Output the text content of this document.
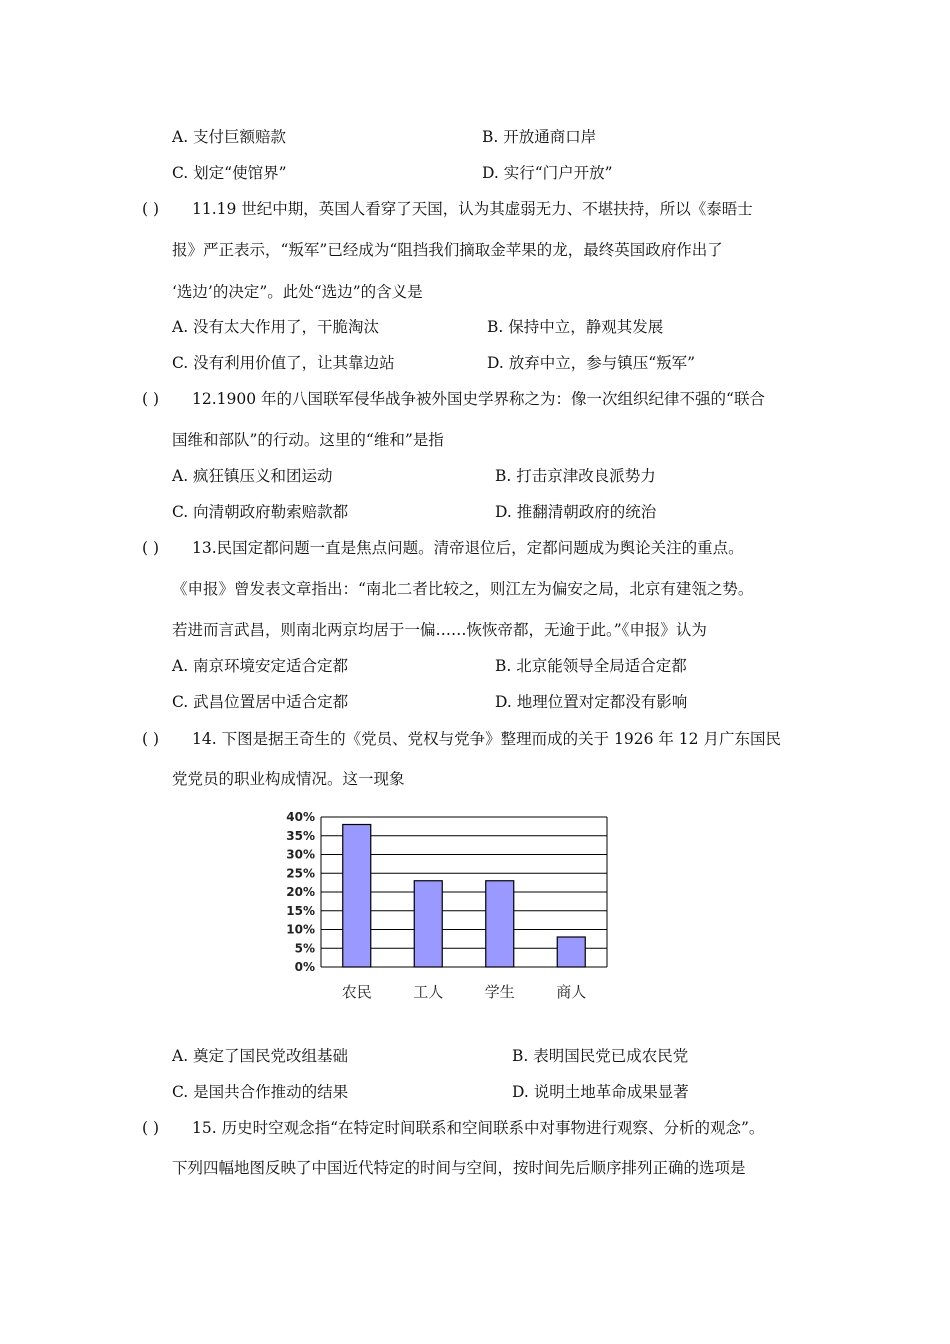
A. 支付巨额赔款	B. 开放通商口岸
C. 划定“使馆界”	D. 实行“门户开放”
( ) 11.19 世纪中期，英国人看穿了天国，认为其虚弱无力、不堪扶持，所以《泰晤士
报》严正表示，“叛军”已经成为“阻挡我们摘取金苹果的龙，最终英国政府作出了
‘选边’的决定”。此处“选边”的含义是
A. 没有太大作用了，干脆淘汰	B. 保持中立，静观其发展
C. 没有利用价值了，让其靠边站	D. 放弃中立，参与镇压“叛军”
( ) 12.1900 年的八国联军侵华战争被外国史学界称之为：像一次组织纪律不强的“联合
国维和部队”的行动。这里的“维和”是指
A. 疯狂镇压义和团运动	B. 打击京津改良派势力
C. 向清朝政府勒索赔款都	D. 推翻清朝政府的统治
( ) 13.民国定都问题一直是焦点问题。清帝退位后，定都问题成为舆论关注的重点。
《申报》曾发表文章指出：“南北二者比较之，则江左为偏安之局，北京有建瓴之势。
若进而言武昌，则南北两京均居于一偏……恢恢帝都，无逾于此。”《申报》认为
A. 南京环境安定适合定都	B. 北京能领导全局适合定都
C. 武昌位置居中适合定都	D. 地理位置对定都没有影响
( ) 14. 下图是据王奇生的《党员、党权与党争》整理而成的关于 1926 年 12 月广东国民
党党员的职业构成情况。这一现象
0%
5%
10%
15%
20%
25%
30%
35%
40%
农民	工人	学生	商人
A. 奠定了国民党改组基础	B. 表明国民党已成农民党
C. 是国共合作推动的结果	D. 说明土地革命成果显著
( ) 15. 历史时空观念指“在特定时间联系和空间联系中对事物进行观察、分析的观念”。
下列四幅地图反映了中国近代特定的时间与空间，按时间先后顺序排列正确的选项是
